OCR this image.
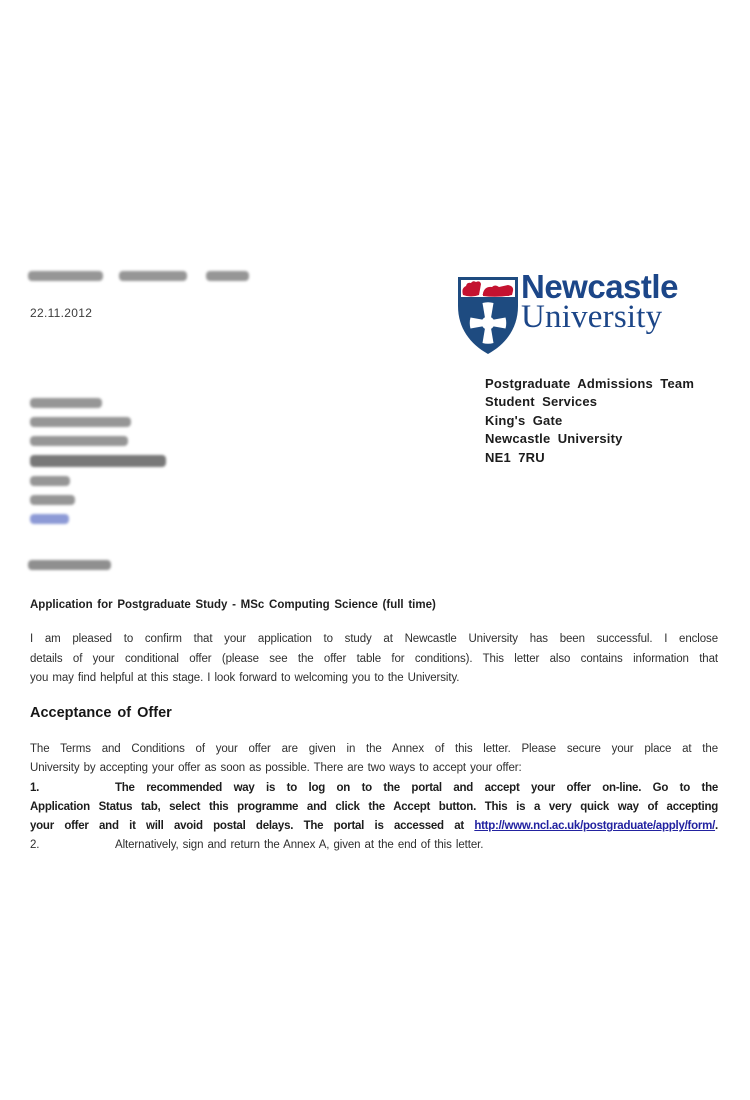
22.11.2012
Newcastle
University
Postgraduate Admissions Team
Student Services
King's Gate
Newcastle University
NE1 7RU
Application for Postgraduate Study - MSc Computing Science (full time)
I am pleased to confirm that your application to study at Newcastle University has been successful. I enclose
details of your conditional offer (please see the offer table for conditions). This letter also contains information that
you may find helpful at this stage. I look forward to welcoming you to the University.
Acceptance of Offer
The Terms and Conditions of your offer are given in the Annex of this letter. Please secure your place at the
University by accepting your offer as soon as possible. There are two ways to accept your offer:
1.	The recommended way is to log on to the portal and accept your offer on-line. Go to the
Application Status tab, select this programme and click the Accept button. This is a very quick way of accepting
your offer and it will avoid postal delays. The portal is accessed at http://www.ncl.ac.uk/postgraduate/apply/form/.
2.	Alternatively, sign and return the Annex A, given at the end of this letter.
